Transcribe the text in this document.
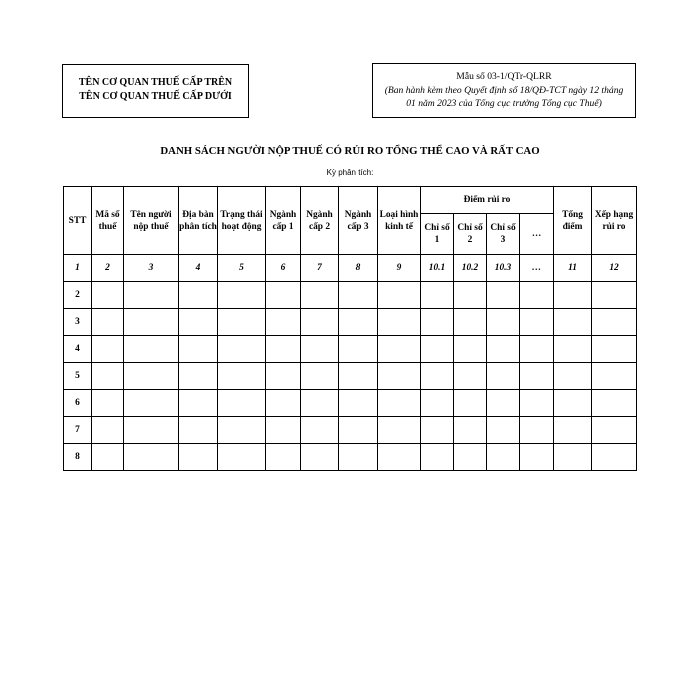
TÊN CƠ QUAN THUẾ CẤP TRÊN
TÊN CƠ QUAN THUẾ CẤP DƯỚI
Mẫu số 03-1/QTr-QLRR
(Ban hành kèm theo Quyết định số 18/QĐ-TCT ngày 12 tháng 01 năm 2023 của Tổng cục trưởng Tổng cục Thuế)
DANH SÁCH NGƯỜI NỘP THUẾ CÓ RỦI RO TỔNG THỂ CAO VÀ RẤT CAO
Kỳ phân tích:
STT	Mã số thuế	Tên người nộp thuế	Địa bàn phân tích	Trạng thái hoạt động	Ngành cấp 1	Ngành cấp 2	Ngành cấp 3	Loại hình kinh tế	Điểm rủi ro				Tổng điểm	Xếp hạng rủi ro
									Chỉ số 1	Chỉ số 2	Chỉ số 3	…		
1	2	3	4	5	6	7	8	9	10.1	10.2	10.3	…	11	12
2														
3														
4														
5														
6														
7														
8														
